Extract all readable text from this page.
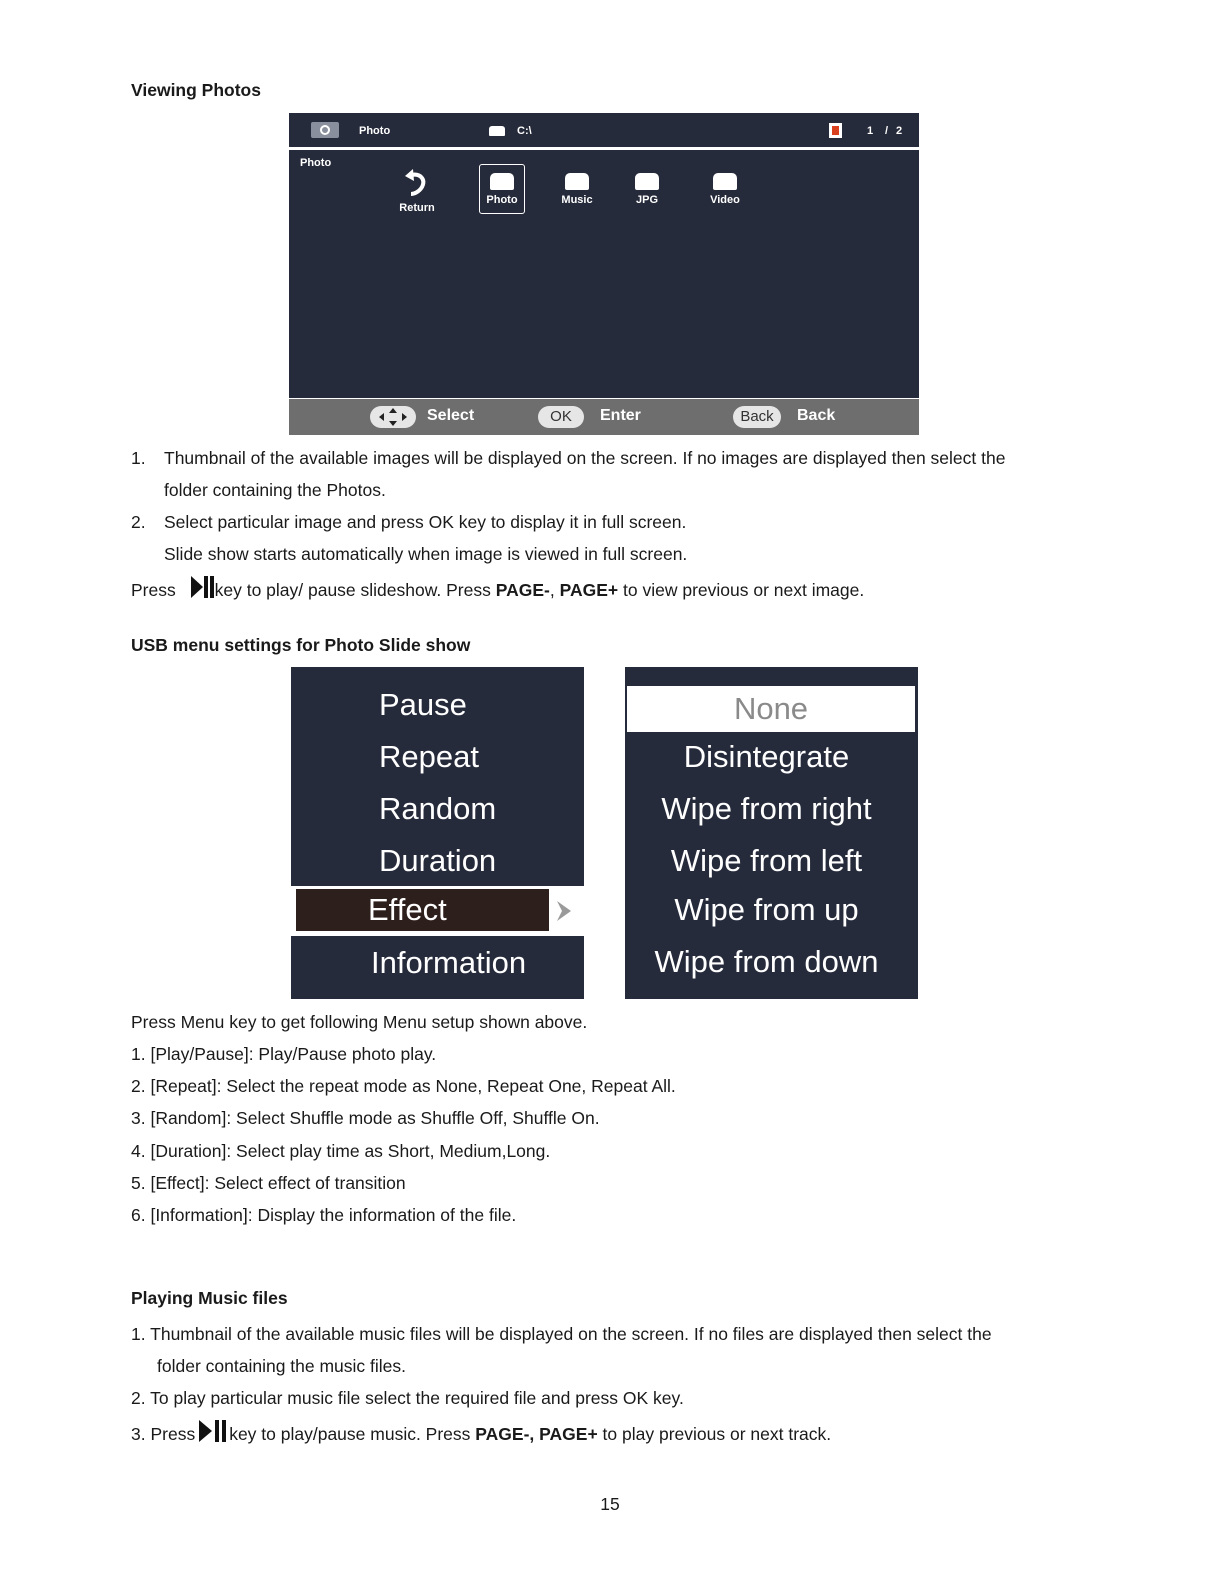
Viewing Photos
Photo	C:\	1 / 2
Photo
Return
Photo	Music	JPG	Video
Select	OK	Enter	Back	Back
1. Thumbnail of the available images will be displayed on the screen. If no images are displayed then select the
folder containing the Photos.
2. Select particular image and press OK key to display it in full screen.
Slide show starts automatically when image is viewed in full screen.
Press key to play/ pause slideshow. Press PAGE-, PAGE+ to view previous or next image.
USB menu settings for Photo Slide show
Pause
Repeat
Random
Duration
Effect
Information
None
Disintegrate
Wipe from right
Wipe from left
Wipe from up
Wipe from down
Press Menu key to get following Menu setup shown above.
1. [Play/Pause]: Play/Pause photo play.
2. [Repeat]: Select the repeat mode as None, Repeat One, Repeat All.
3. [Random]: Select Shuffle mode as Shuffle Off, Shuffle On.
4. [Duration]: Select play time as Short, Medium,Long.
5. [Effect]: Select effect of transition
6. [Information]: Display the information of the file.
Playing Music files
1. Thumbnail of the available music files will be displayed on the screen. If no files are displayed then select the
folder containing the music files.
2. To play particular music file select the required file and press OK key.
3. Press key to play/pause music. Press PAGE-, PAGE+ to play previous or next track.
15
